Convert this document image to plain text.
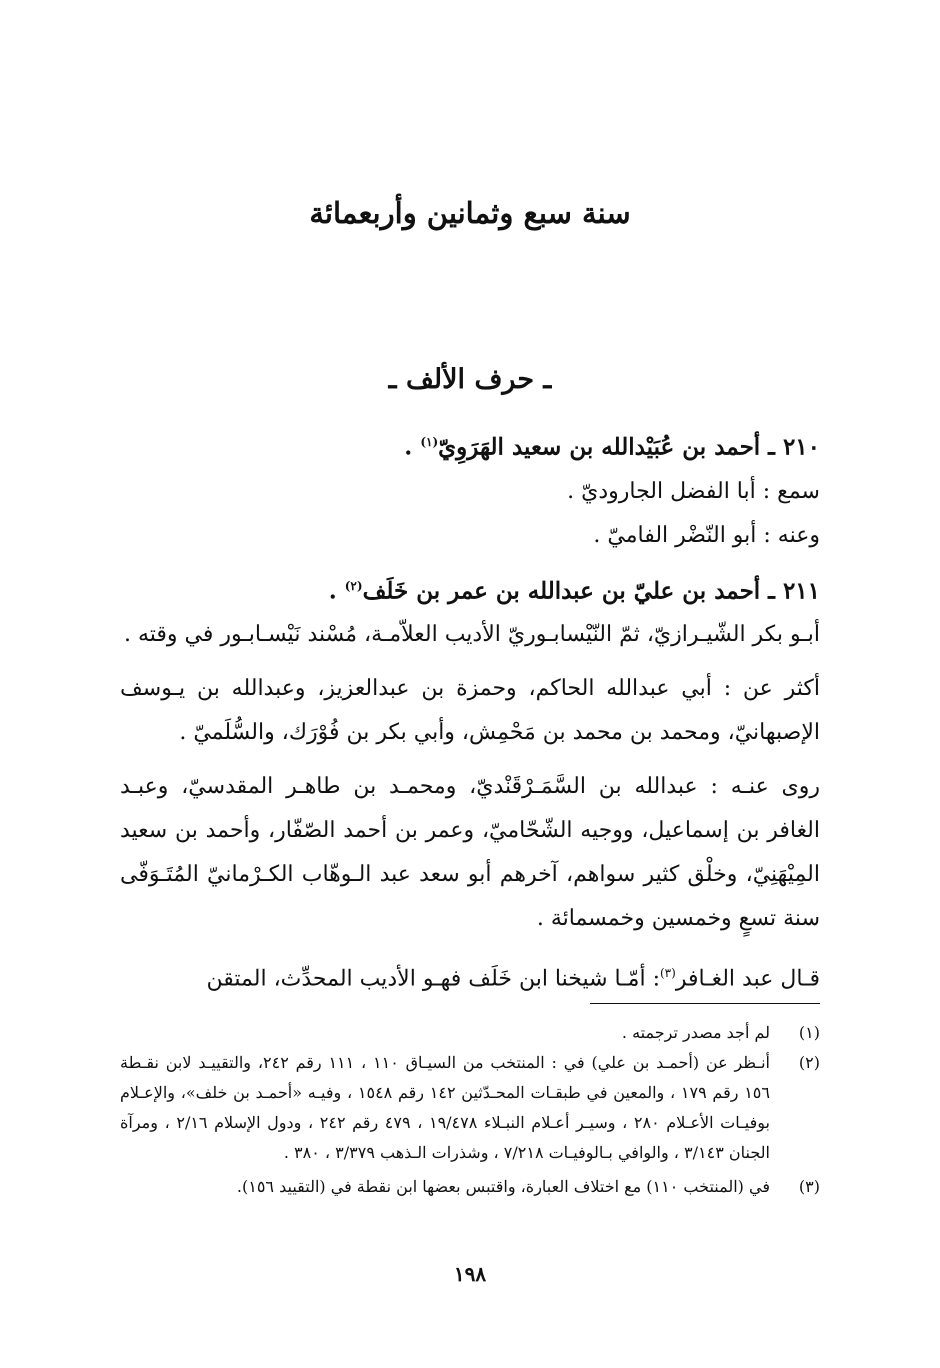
سنة سبع وثمانين وأربعمائة
ـ حرف الألف ـ
٢١٠ ـ أحمد بن عُبَيْدالله بن سعيد الهَرَوِيّ$^{(١)}$ .
سمع : أبا الفضل الجاروديّ .
وعنه : أبو النّضْر الفاميّ .
٢١١ ـ أحمد بن عليّ بن عبدالله بن عمر بن خَلَف$^{(٢)}$ .

أبـو بكر الشّيـرازيّ، ثمّ النّيْسابـوريّ الأديب العلاّمـة، مُسْند نَيْسـابـور في وقته .

أكثر عن : أبي عبدالله الحاكم، وحمزة بن عبدالعزيز، وعبدالله بن يـوسف الإصبهانيّ، ومحمد بن محمد بن مَحْمِش، وأبي بكر بن فُوْرَك، والسُّلَميّ .

روى عنـه : عبدالله بن السَّمَـرْقَنْديّ، ومحمـد بن طاهـر المقدسيّ، وعبـد الغافر بن إسماعيل، ووجيه الشّحّاميّ، وعمر بن أحمد الصّفّار، وأحمد بن سعيد المِيْهَنِيّ، وخلْق كثير سواهم، آخرهم أبو سعد عبد الـوهّاب الكـرْمانيّ المُتَـوَفّى سنة تسعٍ وخمسين وخمسمائة .

قـال عبد الغـافر$^{(٣)}$: أمّـا شيخنا ابن خَلَف فهـو الأديب المحدِّث، المتقن

(١)
لم أجد مصدر ترجمته .
(٢)
أنـظر عن (أحمـد بن علي) في : المنتخب من السيـاق ١١٠ ، ١١١ رقم ٢٤٢، والتقييـد لابن نقـطة ١٥٦ رقم ١٧٩ ، والمعين في طبقـات المحـدّثين ١٤٢ رقم ١٥٤٨ ، وفيـه «أحمـد بن خلف»، والإعـلام بوفيـات الأعـلام ٢٨٠ ، وسيـر أعـلام النبـلاء ١٩/٤٧٨ ، ٤٧٩ رقم ٢٤٢ ، ودول الإسلام ٢/١٦ ، ومرآة الجنان ٣/١٤٣ ، والوافي بـالوفيـات ٧/٢١٨ ، وشذرات الـذهب ٣/٣٧٩ ، ٣٨٠ .
(٣)
في (المنتخب ١١٠) مع اختلاف العبارة، واقتبس بعضها ابن نقطة في (التقييد ١٥٦).
١٩٨
